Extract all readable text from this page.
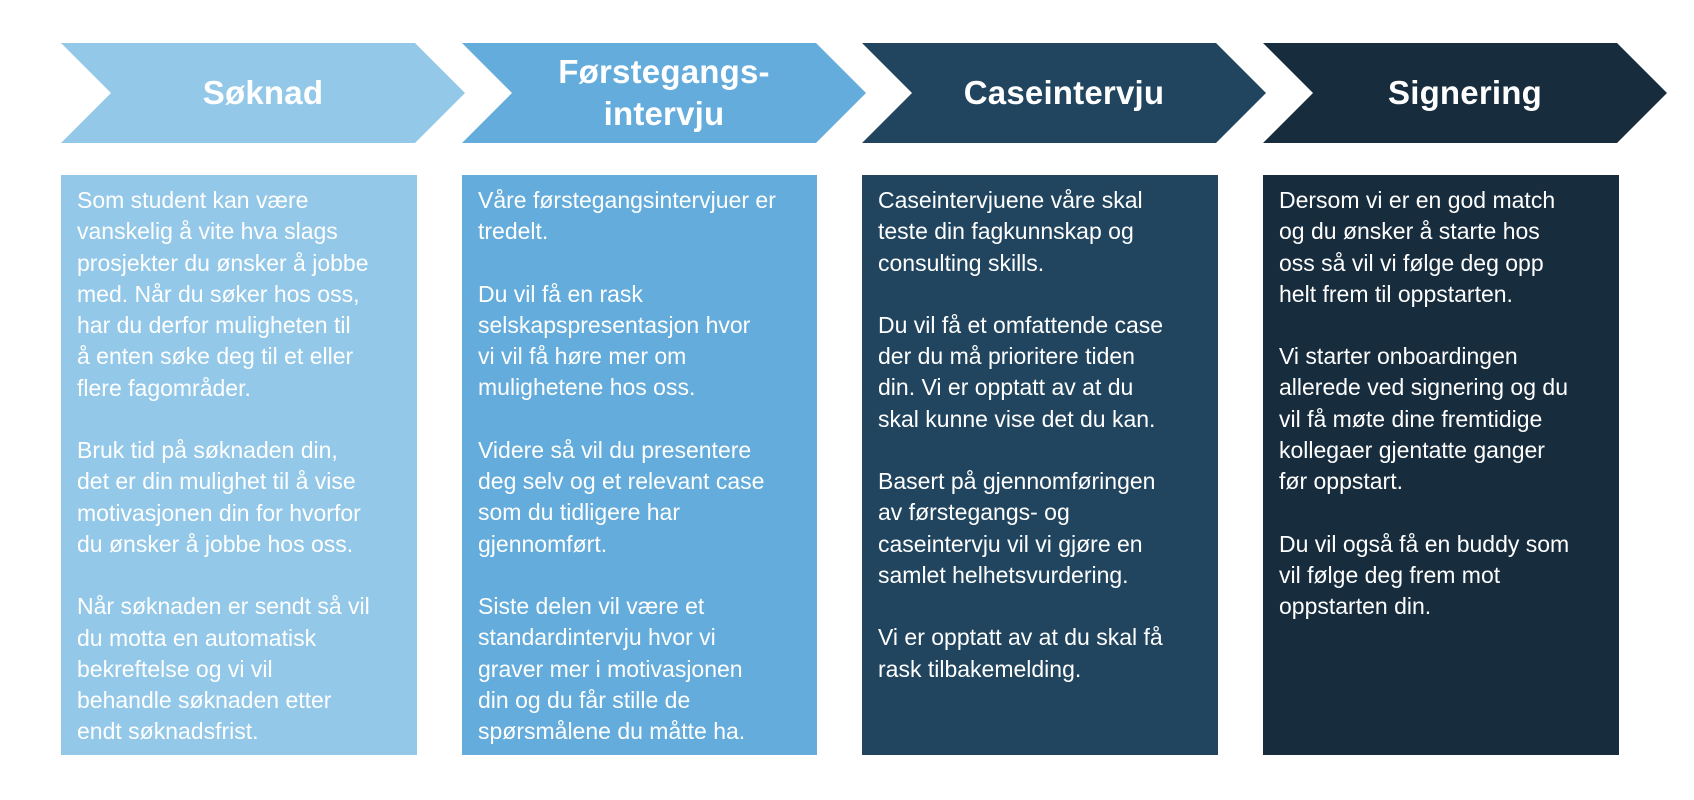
Søknad

Som student kan være
vanskelig å vite hva slags
prosjekter du ønsker å jobbe
med. Når du søker hos oss,
har du derfor muligheten til
å enten søke deg til et eller
flere fagområder.

Bruk tid på søknaden din,
det er din mulighet til å vise
motivasjonen din for hvorfor
du ønsker å jobbe hos oss.

Når søknaden er sendt så vil
du motta en automatisk
bekreftelse og vi vil
behandle søknaden etter
endt søknadsfrist.

Førstegangs-
intervju

Våre førstegangsintervjuer er
tredelt.

Du vil få en rask
selskapspresentasjon hvor
vi vil få høre mer om
mulighetene hos oss.

Videre så vil du presentere
deg selv og et relevant case
som du tidligere har
gjennomført.

Siste delen vil være et
standardintervju hvor vi
graver mer i motivasjonen
din og du får stille de
spørsmålene du måtte ha.

Caseintervju

Caseintervjuene våre skal
teste din fagkunnskap og
consulting skills.

Du vil få et omfattende case
der du må prioritere tiden
din. Vi er opptatt av at du
skal kunne vise det du kan.

Basert på gjennomføringen
av førstegangs- og
caseintervju vil vi gjøre en
samlet helhetsvurdering.

Vi er opptatt av at du skal få
rask tilbakemelding.

Signering

Dersom vi er en god match
og du ønsker å starte hos
oss så vil vi følge deg opp
helt frem til oppstarten.

Vi starter onboardingen
allerede ved signering og du
vil få møte dine fremtidige
kollegaer gjentatte ganger
før oppstart.

Du vil også få en buddy som
vil følge deg frem mot
oppstarten din.
